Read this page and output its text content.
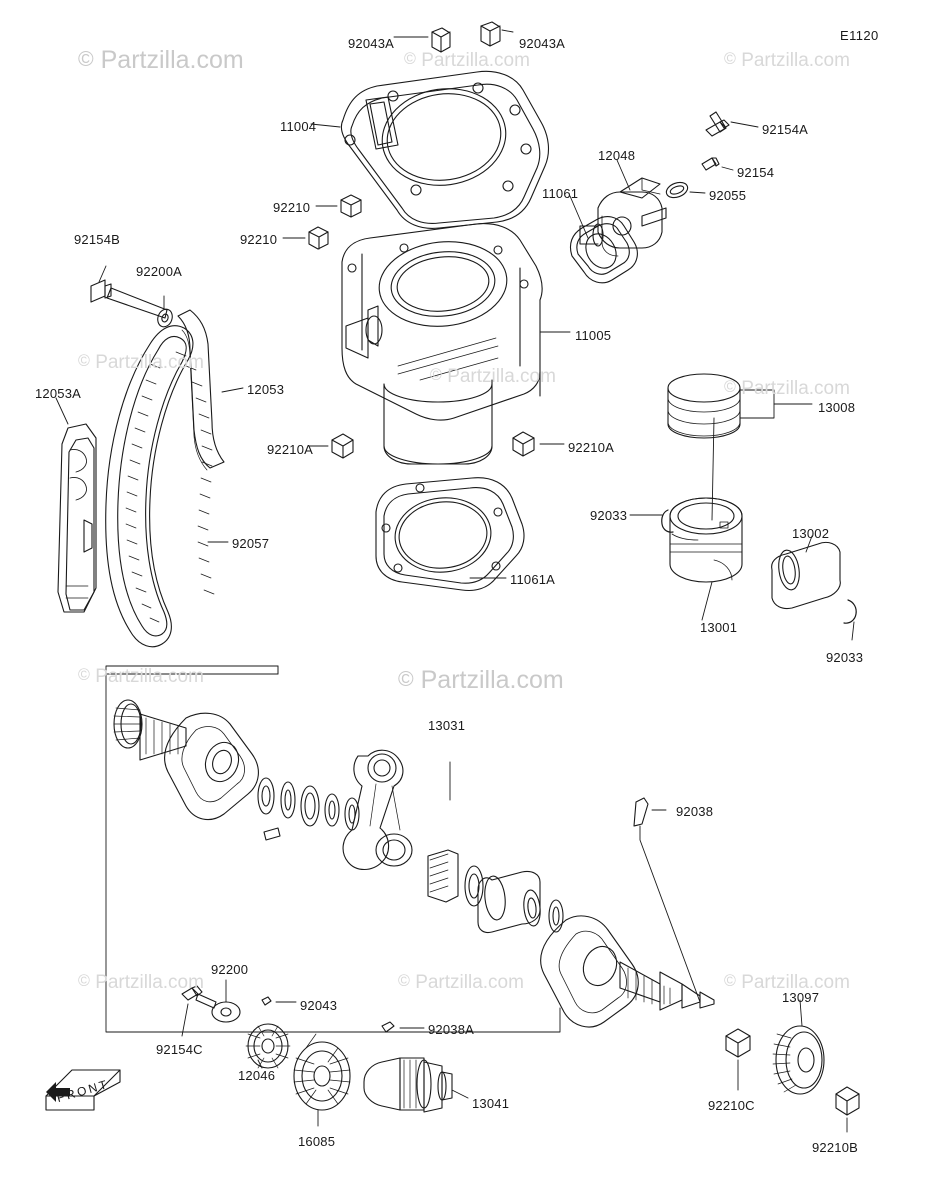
© Partzilla.com	© Partzilla.com	© Partzilla.com
© Partzilla.com
© Partzilla.com	© Partzilla.com
© Partzilla.com	© Partzilla.com
© Partzilla.com	© Partzilla.com	© Partzilla.com
E1120
FRONT
92043A	92043A
11004	92154A
12048
92154
11061	92055
92210
92210
92154B
92200A
11005
12053
12053A
13008
92210A	92210A
92033
92057
13002
11061A
13001
92033
13031
92038
92200
13097
92043
92154C
92038A
12046
13041	92210C
16085	92210B
